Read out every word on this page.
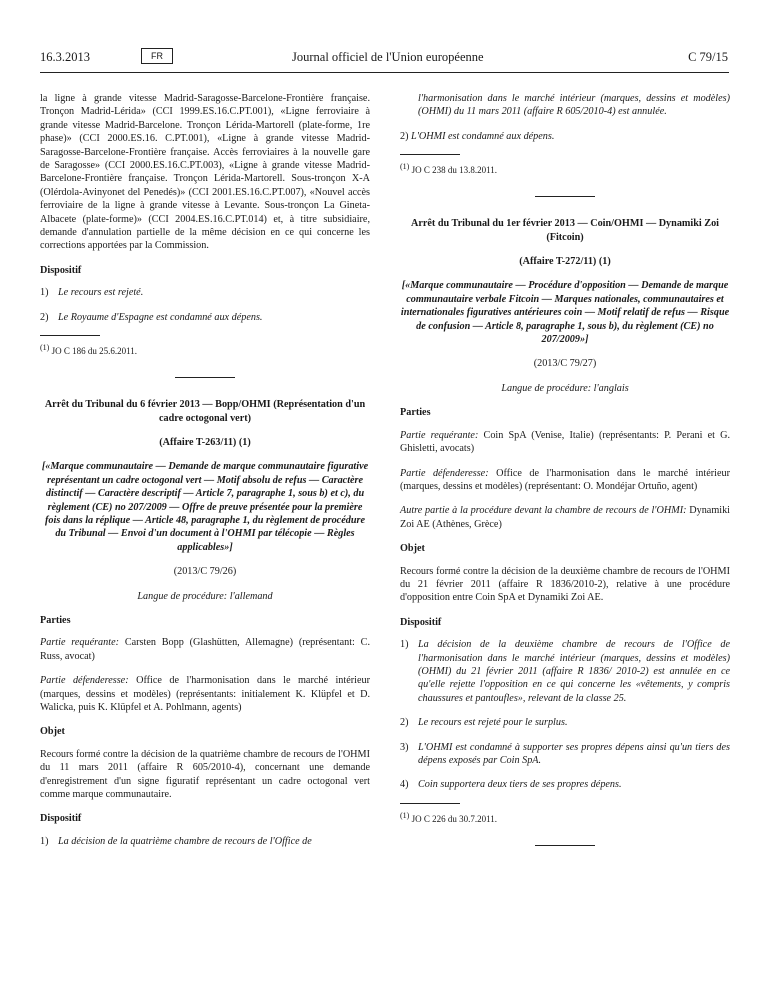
16.3.2013	FR	Journal officiel de l'Union européenne	C 79/15

la ligne à grande vitesse Madrid-Saragosse-Barcelone-Frontière française. Tronçon Madrid-Lérida» (CCI 1999.ES.16.C.PT.001), «Ligne ferroviaire à grande vitesse Madrid-Barcelone. Tronçon Lérida-Martorell (plate-forme, 1re phase)» (CCI 2000.ES.16. C.PT.001), «Ligne à grande vitesse Madrid-Saragosse-Barcelone-Frontière française. Accès ferroviaires à la nouvelle gare de Saragosse» (CCI 2000.ES.16.C.PT.003), «Ligne à grande vitesse Madrid-Barcelone-Frontière française. Tronçon Lérida-Martorell. Sous-tronçon X-A (Olérdola-Avinyonet del Penedés)» (CCI 2001.ES.16.C.PT.007), «Nouvel accès ferroviaire de la ligne à grande vitesse à Levante. Sous-tronçon La Gineta-Albacete (plate-forme)» (CCI 2004.ES.16.C.PT.014) et, à titre subsidiaire, demande d'annulation partielle de la même décision en ce qui concerne les corrections apportées par la Commission.

Dispositif
1) Le recours est rejeté.
2) Le Royaume d'Espagne est condamné aux dépens.

(1) JO C 186 du 25.6.2011.

Arrêt du Tribunal du 6 février 2013 — Bopp/OHMI (Représentation d'un cadre octogonal vert)

(Affaire T-263/11) (1)

[«Marque communautaire — Demande de marque communautaire figurative représentant un cadre octogonal vert — Motif absolu de refus — Caractère distinctif — Caractère descriptif — Article 7, paragraphe 1, sous b) et c), du règlement (CE) no 207/2009 — Offre de preuve présentée pour la première fois dans la réplique — Article 48, paragraphe 1, du règlement de procédure du Tribunal — Envoi d'un document à l'OHMI par télécopie — Règles applicables»]

(2013/C 79/26)

Langue de procédure: l'allemand

Parties

Partie requérante: Carsten Bopp (Glashütten, Allemagne) (représentant: C. Russ, avocat)

Partie défenderesse: Office de l'harmonisation dans le marché intérieur (marques, dessins et modèles) (représentants: initialement K. Klüpfel et D. Walicka, puis K. Klüpfel et A. Pohlmann, agents)

Objet

Recours formé contre la décision de la quatrième chambre de recours de l'OHMI du 11 mars 2011 (affaire R 605/2010-4), concernant une demande d'enregistrement d'un signe figuratif représentant un cadre octogonal vert comme marque communautaire.

Dispositif
1) La décision de la quatrième chambre de recours de l'Office de
l'harmonisation dans le marché intérieur (marques, dessins et modèles) (OHMI) du 11 mars 2011 (affaire R 605/2010-4) est annulée.
2) L'OHMI est condamné aux dépens.

(1) JO C 238 du 13.8.2011.

Arrêt du Tribunal du 1er février 2013 — Coin/OHMI — Dynamiki Zoi (Fitcoin)

(Affaire T-272/11) (1)

[«Marque communautaire — Procédure d'opposition — Demande de marque communautaire verbale Fitcoin — Marques nationales, communautaires et internationales figuratives antérieures coin — Motif relatif de refus — Risque de confusion — Article 8, paragraphe 1, sous b), du règlement (CE) no 207/2009»]

(2013/C 79/27)

Langue de procédure: l'anglais

Parties

Partie requérante: Coin SpA (Venise, Italie) (représentants: P. Perani et G. Ghisletti, avocats)

Partie défenderesse: Office de l'harmonisation dans le marché intérieur (marques, dessins et modèles) (représentant: O. Mondéjar Ortuño, agent)

Autre partie à la procédure devant la chambre de recours de l'OHMI: Dynamiki Zoi AE (Athènes, Grèce)

Objet

Recours formé contre la décision de la deuxième chambre de recours de l'OHMI du 21 février 2011 (affaire R 1836/2010-2), relative à une procédure d'opposition entre Coin SpA et Dynamiki Zoi AE.

Dispositif
1) La décision de la deuxième chambre de recours de l'Office de l'harmonisation dans le marché intérieur (marques, dessins et modèles) (OHMI) du 21 février 2011 (affaire R 1836/ 2010-2) est annulée en ce qu'elle rejette l'opposition en ce qui concerne les «vêtements, y compris chaussures et pantoufles», relevant de la classe 25.
2) Le recours est rejeté pour le surplus.
3) L'OHMI est condamné à supporter ses propres dépens ainsi qu'un tiers des dépens exposés par Coin SpA.
4) Coin supportera deux tiers de ses propres dépens.

(1) JO C 226 du 30.7.2011.
